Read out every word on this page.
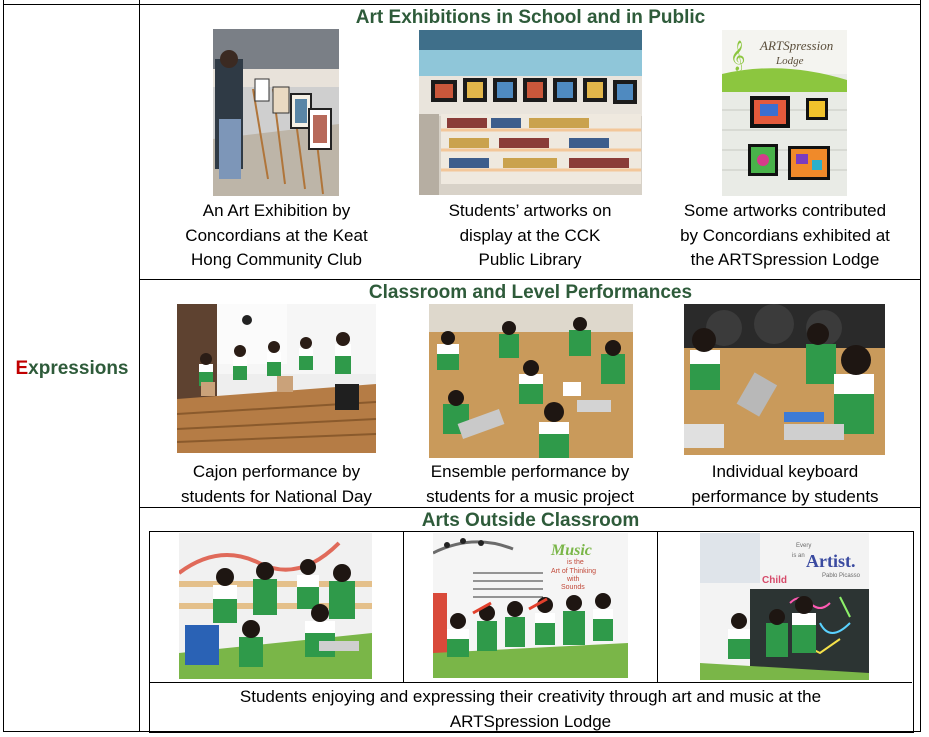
Expressions
Art Exhibitions in School and in Public
ARTSpression
Lodge
𝄞
An Art Exhibition by
Concordians at the Keat
Hong Community Club
Students’ artworks on
display at the CCK
Public Library
Some artworks contributed
by Concordians exhibited at
the ARTSpression Lodge
Classroom and Level Performances
Cajon performance by
students for National Day
Ensemble performance by
students for a music project
Individual keyboard
performance by students
Arts Outside Classroom
Music
is the
Art of Thinking
with
Sounds
Every
Child
is an Artist.
Pablo Picasso
Students enjoying and expressing their creativity through art and music at the
ARTSpression Lodge
